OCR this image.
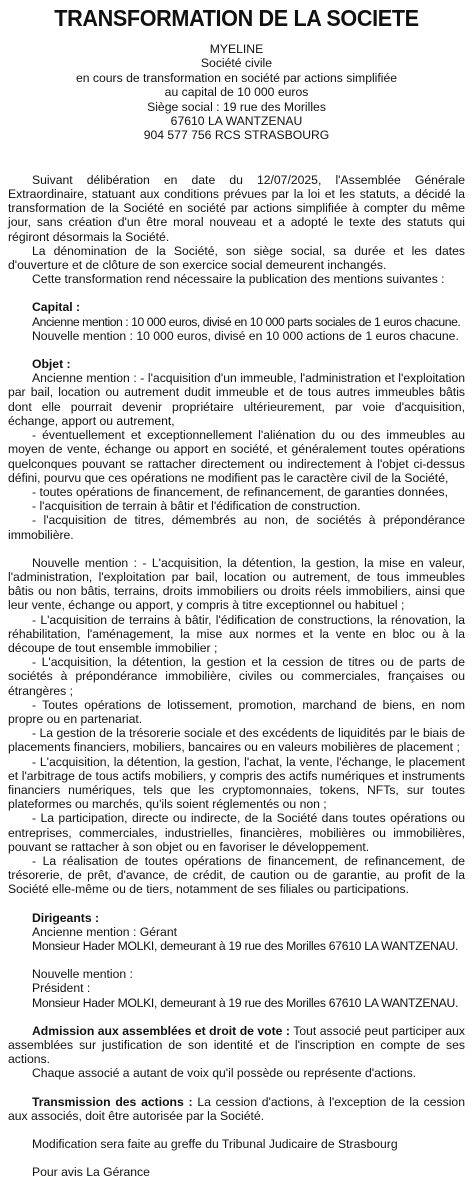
TRANSFORMATION DE LA SOCIETE
MYELINE
Société civile
en cours de transformation en société par actions simplifiée
au capital de 10 000 euros
Siège social : 19 rue des Morilles
67610 LA WANTZENAU
904 577 756 RCS STRASBOURG

Suivant délibération en date du 12/07/2025, l'Assemblée Générale Extraordinaire, statuant aux conditions prévues par la loi et les statuts, a décidé la transformation de la Société en société par actions simplifiée à compter du même jour, sans création d'un être moral nouveau et a adopté le texte des statuts qui régiront désormais la Société.

La dénomination de la Société, son siège social, sa durée et les dates d'ouverture et de clôture de son exercice social demeurent inchangés.

Cette transformation rend nécessaire la publication des mentions suivantes :

Capital :

Ancienne mention : 10 000 euros, divisé en 10 000 parts sociales de 1 euros chacune.

Nouvelle mention : 10 000 euros, divisé en 10 000 actions de 1 euros chacune.

Objet :

Ancienne mention : - l'acquisition d'un immeuble, l'administration et l'exploitation par bail, location ou autrement dudit immeuble et de tous autres immeubles bâtis dont elle pourrait devenir propriétaire ultérieurement, par voie d'acquisition, échange, apport ou autrement,

- éventuellement et exceptionnellement l'aliénation du ou des immeubles au moyen de vente, échange ou apport en société, et généralement toutes opérations quelconques pouvant se rattacher directement ou indirectement à l'objet ci-dessus défini, pourvu que ces opérations ne modifient pas le caractère civil de la Société,

- toutes opérations de financement, de refinancement, de garanties données,

- l'acquisition de terrain à bâtir et l'édification de construction.

- l'acquisition de titres, démembrés au non, de sociétés à prépondérance immobilière.

Nouvelle mention : - L'acquisition, la détention, la gestion, la mise en valeur, l'administration, l'exploitation par bail, location ou autrement, de tous immeubles bâtis ou non bâtis, terrains, droits immobiliers ou droits réels immobiliers, ainsi que leur vente, échange ou apport, y compris à titre exceptionnel ou habituel ;

- L'acquisition de terrains à bâtir, l'édification de constructions, la rénovation, la réhabilitation, l'aménagement, la mise aux normes et la vente en bloc ou à la découpe de tout ensemble immobilier ;

- L'acquisition, la détention, la gestion et la cession de titres ou de parts de sociétés à prépondérance immobilière, civiles ou commerciales, françaises ou étrangères ;

- Toutes opérations de lotissement, promotion, marchand de biens, en nom propre ou en partenariat.

- La gestion de la trésorerie sociale et des excédents de liquidités par le biais de placements financiers, mobiliers, bancaires ou en valeurs mobilières de placement ;

- L'acquisition, la détention, la gestion, l'achat, la vente, l'échange, le placement et l'arbitrage de tous actifs mobiliers, y compris des actifs numériques et instruments financiers numériques, tels que les cryptomonnaies, tokens, NFTs, sur toutes plateformes ou marchés, qu'ils soient réglementés ou non ;

- La participation, directe ou indirecte, de la Société dans toutes opérations ou entreprises, commerciales, industrielles, financières, mobilières ou immobilières, pouvant se rattacher à son objet ou en favoriser le développement.

- La réalisation de toutes opérations de financement, de refinancement, de trésorerie, de prêt, d'avance, de crédit, de caution ou de garantie, au profit de la Société elle-même ou de tiers, notamment de ses filiales ou participations.

Dirigeants :

Ancienne mention : Gérant

Monsieur Hader MOLKI, demeurant à 19 rue des Morilles 67610 LA WANTZENAU.

Nouvelle mention :

Président :

Monsieur Hader MOLKI, demeurant à 19 rue des Morilles 67610 LA WANTZENAU.

Admission aux assemblées et droit de vote : Tout associé peut participer aux assemblées sur justification de son identité et de l'inscription en compte de ses actions.

Chaque associé a autant de voix qu'il possède ou représente d'actions.

Transmission des actions : La cession d'actions, à l'exception de la cession aux associés, doit être autorisée par la Société.

Modification sera faite au greffe du Tribunal Judicaire de Strasbourg

Pour avis La Gérance
